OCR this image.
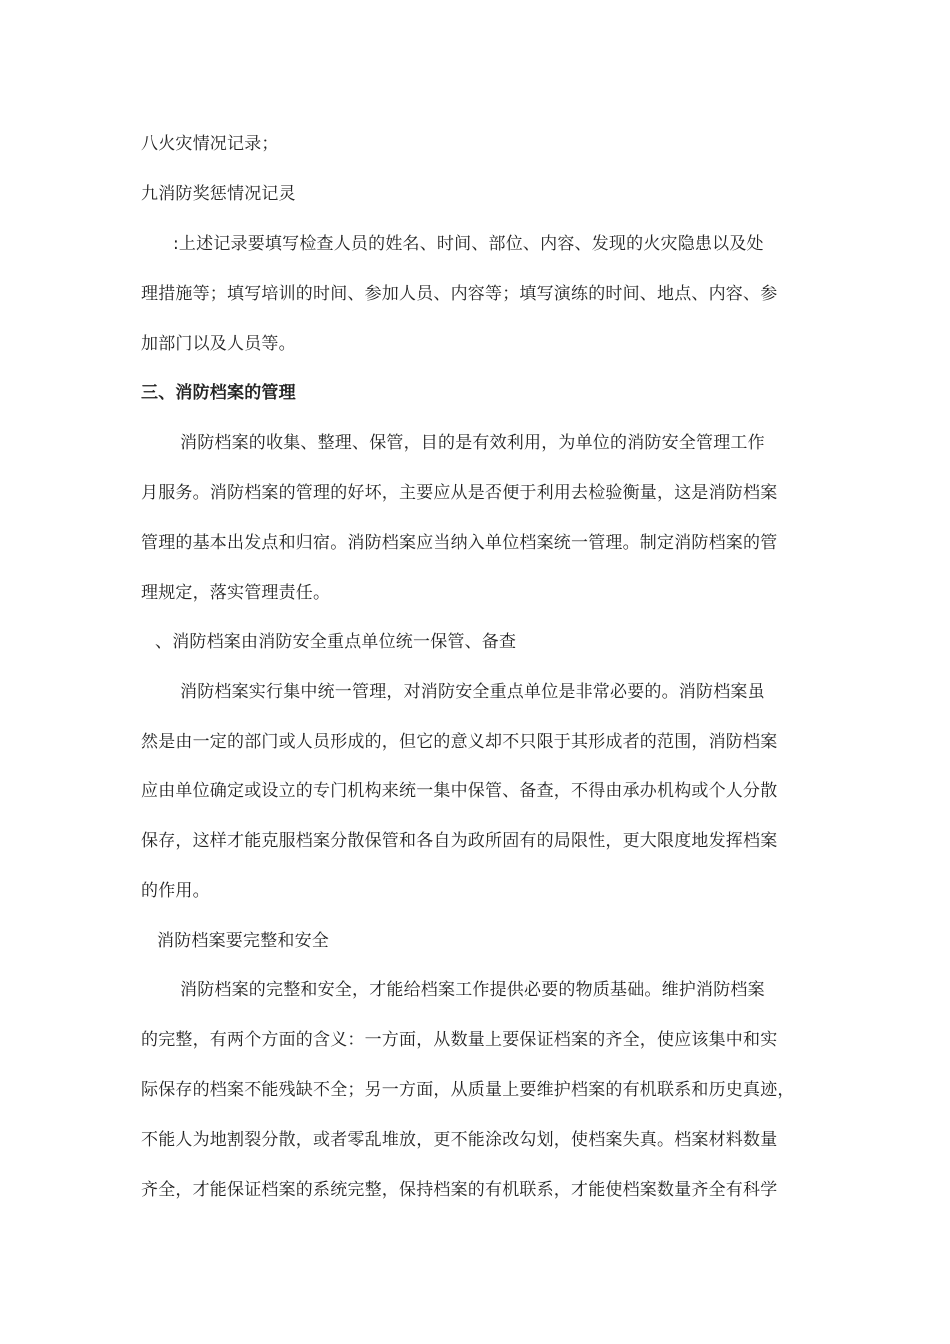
八火灾情况记录；
九消防奖惩情况记灵
:上述记录要填写检查人员的姓名、时间、部位、内容、发现的火灾隐患以及处
理措施等；填写培训的时间、参加人员、内容等；填写演练的时间、地点、内容、参
加部门以及人员等。
三、消防档案的管理
消防档案的收集、整理、保管，目的是有效利用，为单位的消防安全管理工作
月服务。消防档案的管理的好坏，主要应从是否便于利用去检验衡量，这是消防档案
管理的基本出发点和归宿。消防档案应当纳入单位档案统一管理。制定消防档案的管
理规定，落实管理责任。
、消防档案由消防安全重点单位统一保管、备查
消防档案实行集中统一管理，对消防安全重点单位是非常必要的。消防档案虽
然是由一定的部门或人员形成的，但它的意义却不只限于其形成者的范围，消防档案
应由单位确定或设立的专门机构来统一集中保管、备查，不得由承办机构或个人分散
保存，这样才能克服档案分散保管和各自为政所固有的局限性，更大限度地发挥档案
的作用。
消防档案要完整和安全
消防档案的完整和安全，才能给档案工作提供必要的物质基础。维护消防档案
的完整，有两个方面的含义：一方面，从数量上要保证档案的齐全，使应该集中和实
际保存的档案不能残缺不全；另一方面，从质量上要维护档案的有机联系和历史真迹，
不能人为地割裂分散，或者零乱堆放，更不能涂改勾划，使档案失真。档案材料数量
齐全，才能保证档案的系统完整，保持档案的有机联系，才能使档案数量齐全有科学
